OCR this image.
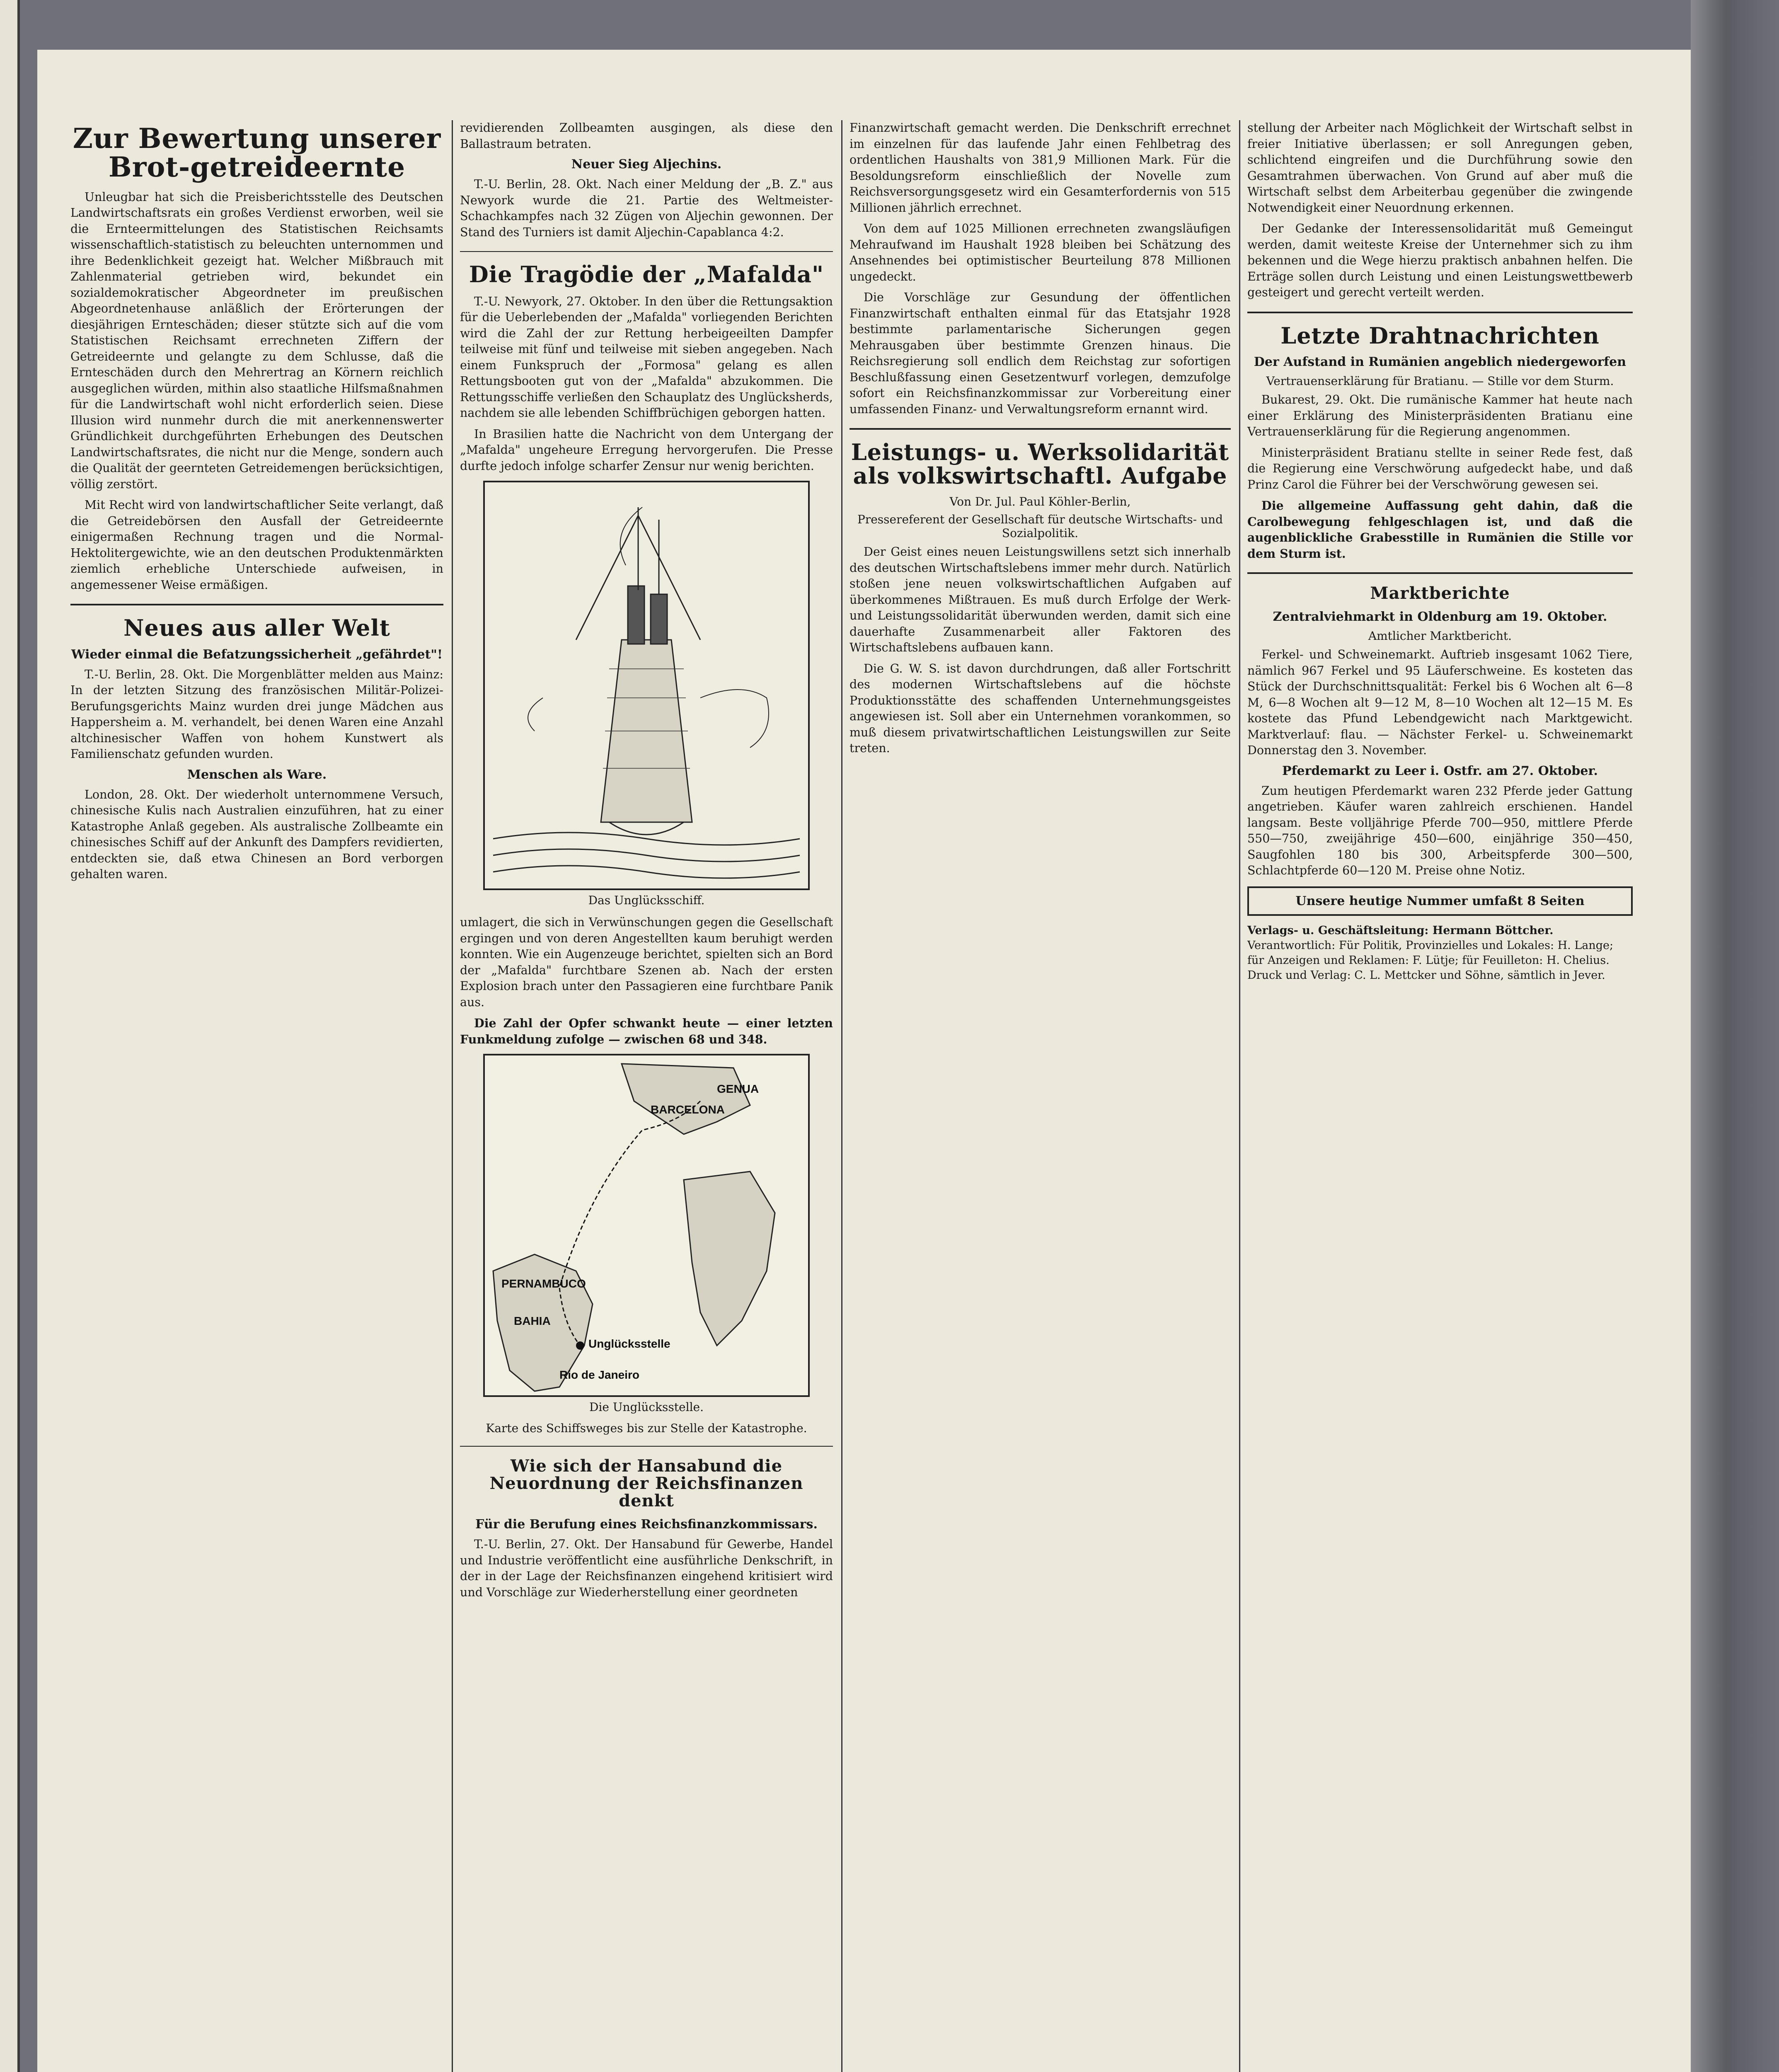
Zur Bewertung unserer Brot-getreideernte

Unleugbar hat sich die Preisberichtsstelle des Deutschen Landwirtschaftsrats ein großes Verdienst erworben, weil sie die Ernteermittelungen des Statistischen Reichsamts wissenschaftlich-statistisch zu beleuchten unternommen und ihre Bedenklichkeit gezeigt hat. Welcher Mißbrauch mit Zahlenmaterial getrieben wird, bekundet ein sozialdemokratischer Abgeordneter im preußischen Abgeordnetenhause anläßlich der Erörterungen der diesjährigen Ernteschäden; dieser stützte sich auf die vom Statistischen Reichsamt errechneten Ziffern der Getreideernte und gelangte zu dem Schlusse, daß die Ernteschäden durch den Mehrertrag an Körnern reichlich ausgeglichen würden, mithin also staatliche Hilfsmaßnahmen für die Landwirtschaft wohl nicht erforderlich seien. Diese Illusion wird nunmehr durch die mit anerkennenswerter Gründlichkeit durchgeführten Erhebungen des Deutschen Landwirtschaftsrates, die nicht nur die Menge, sondern auch die Qualität der geernteten Getreidemengen berücksichtigen, völlig zerstört.

Mit Recht wird von landwirtschaftlicher Seite verlangt, daß die Getreidebörsen den Ausfall der Getreideernte einigermaßen Rechnung tragen und die Normal-Hektolitergewichte, wie an den deutschen Produktenmärkten ziemlich erhebliche Unterschiede aufweisen, in angemessener Weise ermäßigen.

Neues aus aller Welt
Wieder einmal die Befatzungssicherheit „gefährdet"!

T.-U. Berlin, 28. Okt. Die Morgenblätter melden aus Mainz: In der letzten Sitzung des französischen Militär-Polizei-Berufungsgerichts Mainz wurden drei junge Mädchen aus Happersheim a. M. verhandelt, bei denen Waren eine Anzahl altchinesischer Waffen von hohem Kunstwert als Familienschatz gefunden wurden.

Menschen als Ware.

London, 28. Okt. Der wiederholt unternommene Versuch, chinesische Kulis nach Australien einzuführen, hat zu einer Katastrophe Anlaß gegeben. Als australische Zollbeamte ein chinesisches Schiff auf der Ankunft des Dampfers revidierten, entdeckten sie, daß etwa Chinesen an Bord verborgen gehalten waren.

revidierenden Zollbeamten ausgingen, als diese den Ballastraum betraten.

Neuer Sieg Aljechins.

T.-U. Berlin, 28. Okt. Nach einer Meldung der „B. Z." aus Newyork wurde die 21. Partie des Weltmeister-Schachkampfes nach 32 Zügen von Aljechin gewonnen. Der Stand des Turniers ist damit Aljechin-Capablanca 4:2.

Die Tragödie der „Mafalda"

T.-U. Newyork, 27. Oktober. In den über die Rettungsaktion für die Ueberlebenden der „Mafalda" vorliegenden Berichten wird die Zahl der zur Rettung herbeigeeilten Dampfer teilweise mit fünf und teilweise mit sieben angegeben. Nach einem Funkspruch der „Formosa" gelang es allen Rettungsbooten gut von der „Mafalda" abzukommen. Die Rettungsschiffe verließen den Schauplatz des Unglücksherds, nachdem sie alle lebenden Schiffbrüchigen geborgen hatten.

In Brasilien hatte die Nachricht von dem Untergang der „Mafalda" ungeheure Erregung hervorgerufen. Die Presse durfte jedoch infolge scharfer Zensur nur wenig berichten.

Das Unglücksschiff.

umlagert, die sich in Verwünschungen gegen die Gesellschaft ergingen und von deren Angestellten kaum beruhigt werden konnten. Wie ein Augenzeuge berichtet, spielten sich an Bord der „Mafalda" furchtbare Szenen ab. Nach der ersten Explosion brach unter den Passagieren eine furchtbare Panik aus.

Die Zahl der Opfer schwankt heute — einer letzten Funkmeldung zufolge — zwischen 68 und 348.

GENUA
BARCELONA
PERNAMBUCO
BAHIA
Unglücksstelle
Rio de Janeiro
Die Unglücksstelle.
Karte des Schiffsweges bis zur Stelle der Katastrophe.
Wie sich der Hansabund die Neuordnung der Reichsfinanzen denkt
Für die Berufung eines Reichsfinanzkommissars.

T.-U. Berlin, 27. Okt. Der Hansabund für Gewerbe, Handel und Industrie veröffentlicht eine ausführliche Denkschrift, in der in der Lage der Reichsfinanzen eingehend kritisiert wird und Vorschläge zur Wiederherstellung einer geordneten

Finanzwirtschaft gemacht werden. Die Denkschrift errechnet im einzelnen für das laufende Jahr einen Fehlbetrag des ordentlichen Haushalts von 381,9 Millionen Mark. Für die Besoldungsreform einschließlich der Novelle zum Reichsversorgungsgesetz wird ein Gesamterfordernis von 515 Millionen jährlich errechnet.

Von dem auf 1025 Millionen errechneten zwangsläufigen Mehraufwand im Haushalt 1928 bleiben bei Schätzung des Ansehnendes bei optimistischer Beurteilung 878 Millionen ungedeckt.

Die Vorschläge zur Gesundung der öffentlichen Finanzwirtschaft enthalten einmal für das Etatsjahr 1928 bestimmte parlamentarische Sicherungen gegen Mehrausgaben über bestimmte Grenzen hinaus. Die Reichsregierung soll endlich dem Reichstag zur sofortigen Beschlußfassung einen Gesetzentwurf vorlegen, demzufolge sofort ein Reichsfinanzkommissar zur Vorbereitung einer umfassenden Finanz- und Verwaltungsreform ernannt wird.

Leistungs- u. Werksolidarität als volkswirtschaftl. Aufgabe
Von Dr. Jul. Paul Köhler-Berlin,
Pressereferent der Gesellschaft für deutsche Wirtschafts- und Sozialpolitik.

Der Geist eines neuen Leistungswillens setzt sich innerhalb des deutschen Wirtschaftslebens immer mehr durch. Natürlich stoßen jene neuen volkswirtschaftlichen Aufgaben auf überkommenes Mißtrauen. Es muß durch Erfolge der Werk- und Leistungssolidarität überwunden werden, damit sich eine dauerhafte Zusammenarbeit aller Faktoren des Wirtschaftslebens aufbauen kann.

Die G. W. S. ist davon durchdrungen, daß aller Fortschritt des modernen Wirtschaftslebens auf die höchste Produktionsstätte des schaffenden Unternehmungsgeistes angewiesen ist. Soll aber ein Unternehmen vorankommen, so muß diesem privatwirtschaftlichen Leistungswillen zur Seite treten.

stellung der Arbeiter nach Möglichkeit der Wirtschaft selbst in freier Initiative überlassen; er soll Anregungen geben, schlichtend eingreifen und die Durchführung sowie den Gesamtrahmen überwachen. Von Grund auf aber muß die Wirtschaft selbst dem Arbeiterbau gegenüber die zwingende Notwendigkeit einer Neuordnung erkennen.

Der Gedanke der Interessensolidarität muß Gemeingut werden, damit weiteste Kreise der Unternehmer sich zu ihm bekennen und die Wege hierzu praktisch anbahnen helfen. Die Erträge sollen durch Leistung und einen Leistungswettbewerb gesteigert und gerecht verteilt werden.

Letzte Drahtnachrichten
Der Aufstand in Rumänien angeblich niedergeworfen
Vertrauenserklärung für Bratianu. — Stille vor dem Sturm.

Bukarest, 29. Okt. Die rumänische Kammer hat heute nach einer Erklärung des Ministerpräsidenten Bratianu eine Vertrauenserklärung für die Regierung angenommen.

Ministerpräsident Bratianu stellte in seiner Rede fest, daß die Regierung eine Verschwörung aufgedeckt habe, und daß Prinz Carol die Führer bei der Verschwörung gewesen sei.

Die allgemeine Auffassung geht dahin, daß die Carolbewegung fehlgeschlagen ist, und daß die augenblickliche Grabesstille in Rumänien die Stille vor dem Sturm ist.

Marktberichte
Zentralviehmarkt in Oldenburg am 19. Oktober.
Amtlicher Marktbericht.

Ferkel- und Schweinemarkt. Auftrieb insgesamt 1062 Tiere, nämlich 967 Ferkel und 95 Läuferschweine. Es kosteten das Stück der Durchschnittsqualität: Ferkel bis 6 Wochen alt 6—8 M, 6—8 Wochen alt 9—12 M, 8—10 Wochen alt 12—15 M. Es kostete das Pfund Lebendgewicht nach Marktgewicht. Marktverlauf: flau. — Nächster Ferkel- u. Schweinemarkt Donnerstag den 3. November.

Pferdemarkt zu Leer i. Ostfr. am 27. Oktober.

Zum heutigen Pferdemarkt waren 232 Pferde jeder Gattung angetrieben. Käufer waren zahlreich erschienen. Handel langsam. Beste volljährige Pferde 700—950, mittlere Pferde 550—750, zweijährige 450—600, einjährige 350—450, Saugfohlen 180 bis 300, Arbeitspferde 300—500, Schlachtpferde 60—120 M. Preise ohne Notiz.

Unsere heutige Nummer umfaßt 8 Seiten
Verlags- u. Geschäftsleitung: Hermann Böttcher.
Verantwortlich: Für Politik, Provinzielles und Lokales: H. Lange; für Anzeigen und Reklamen: F. Lütje; für Feuilleton: H. Chelius. Druck und Verlag: C. L. Mettcker und Söhne, sämtlich in Jever.
